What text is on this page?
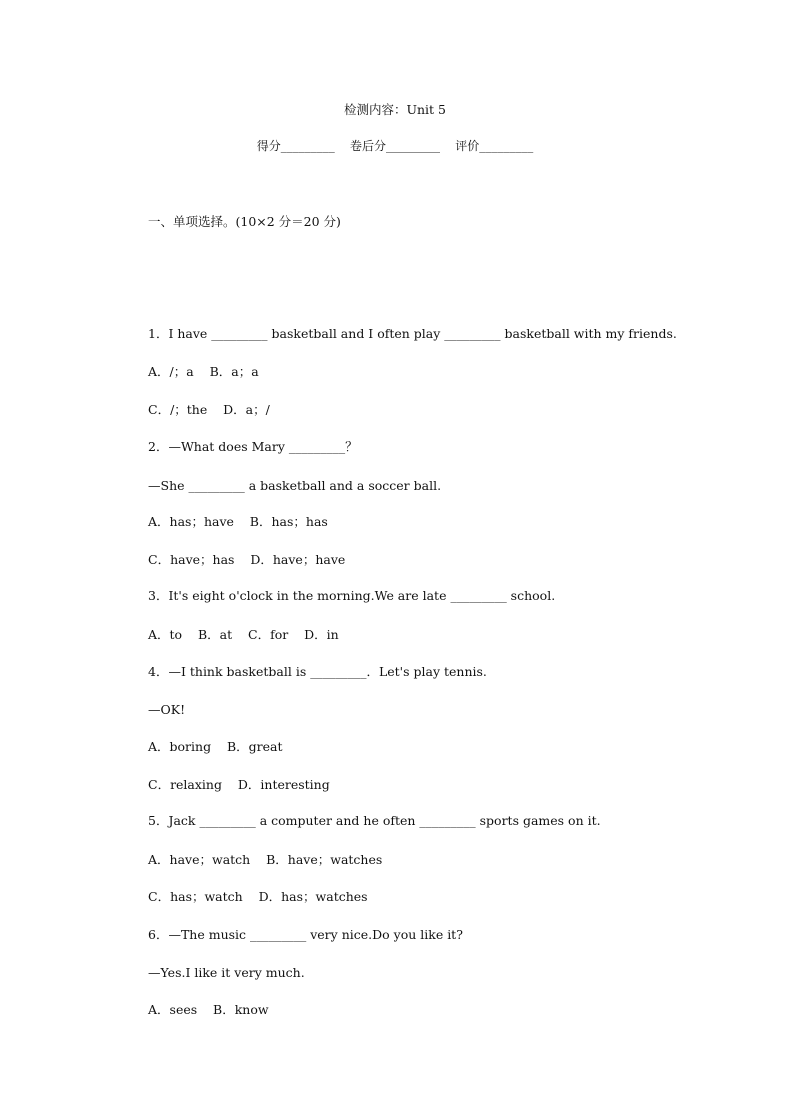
检测内容：Unit 5
得分_________    卷后分_________    评价_________
一、单项选择。(10×2 分＝20 分)
1．I have _________ basketball and I often play _________ basketball with my friends.
A．/；a    B．a；a
C．/；the    D．a；/
2．—What does Mary _________？
—She _________ a basketball and a soccer ball.
A．has；have    B．has；has
C．have；has    D．have；have
3．It's eight o'clock in the morning.We are late _________ school.
A．to    B．at    C．for    D．in
4．—I think basketball is _________．Let's play tennis.
—OK!
A．boring    B．great
C．relaxing    D．interesting
5．Jack _________ a computer and he often _________ sports games on it.
A．have；watch    B．have；watches
C．has；watch    D．has；watches
6．—The music _________ very nice.Do you like it?
—Yes.I like it very much.
A．sees    B．know
